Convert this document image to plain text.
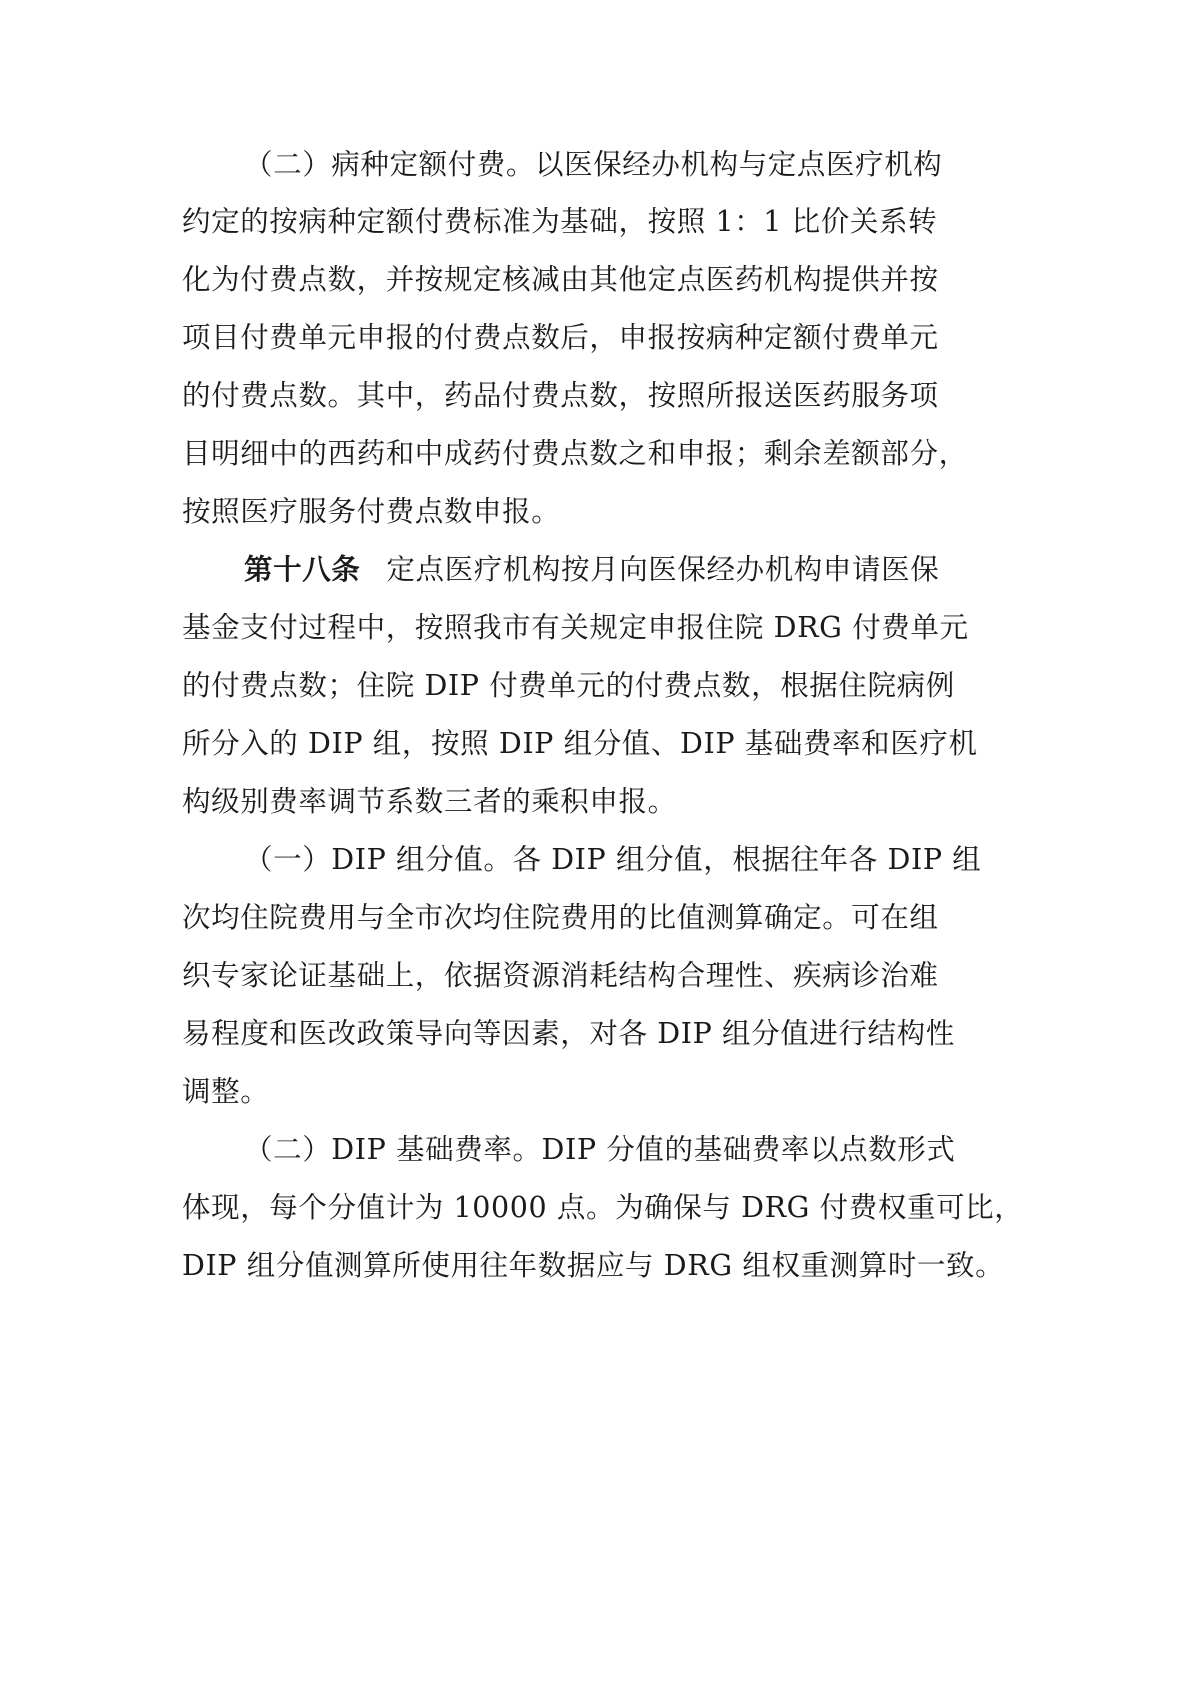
（二）病种定额付费。以医保经办机构与定点医疗机构
约定的按病种定额付费标准为基础，按照 1：1 比价关系转
化为付费点数，并按规定核减由其他定点医药机构提供并按
项目付费单元申报的付费点数后，申报按病种定额付费单元
的付费点数。其中，药品付费点数，按照所报送医药服务项
目明细中的西药和中成药付费点数之和申报；剩余差额部分，
按照医疗服务付费点数申报。
第十八条 定点医疗机构按月向医保经办机构申请医保
基金支付过程中，按照我市有关规定申报住院 DRG 付费单元
的付费点数；住院 DIP 付费单元的付费点数，根据住院病例
所分入的 DIP 组，按照 DIP 组分值、DIP 基础费率和医疗机
构级别费率调节系数三者的乘积申报。
（一）DIP 组分值。各 DIP 组分值，根据往年各 DIP 组
次均住院费用与全市次均住院费用的比值测算确定。可在组
织专家论证基础上，依据资源消耗结构合理性、疾病诊治难
易程度和医改政策导向等因素，对各 DIP 组分值进行结构性
调整。
（二）DIP 基础费率。DIP 分值的基础费率以点数形式
体现，每个分值计为 10000 点。为确保与 DRG 付费权重可比，
DIP 组分值测算所使用往年数据应与 DRG 组权重测算时一致。
